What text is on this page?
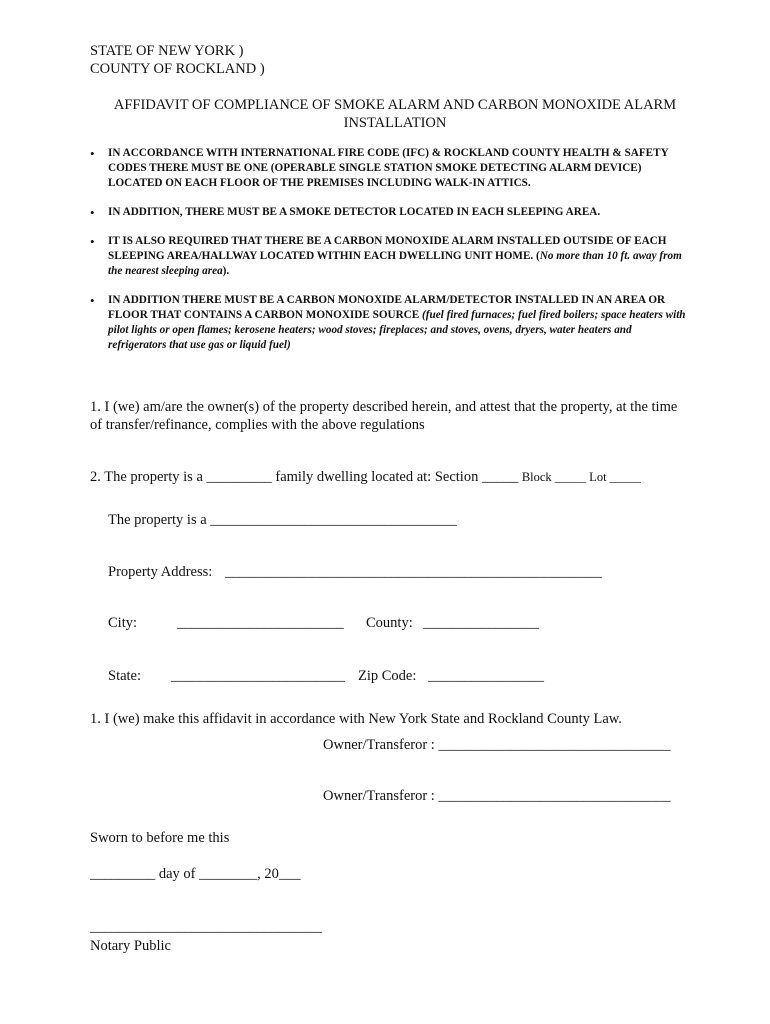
STATE OF NEW YORK )
COUNTY OF ROCKLAND )
AFFIDAVIT OF COMPLIANCE OF SMOKE ALARM AND CARBON MONOXIDE ALARM INSTALLATION
• IN ACCORDANCE WITH INTERNATIONAL FIRE CODE (IFC) & ROCKLAND COUNTY HEALTH & SAFETY CODES THERE MUST BE ONE (OPERABLE SINGLE STATION SMOKE DETECTING ALARM DEVICE) LOCATED ON EACH FLOOR OF THE PREMISES INCLUDING WALK-IN ATTICS.
• IN ADDITION, THERE MUST BE A SMOKE DETECTOR LOCATED IN EACH SLEEPING AREA.
• IT IS ALSO REQUIRED THAT THERE BE A CARBON MONOXIDE ALARM INSTALLED OUTSIDE OF EACH SLEEPING AREA/HALLWAY LOCATED WITHIN EACH DWELLING UNIT HOME. (No more than 10 ft. away from the nearest sleeping area).
• IN ADDITION THERE MUST BE A CARBON MONOXIDE ALARM/DETECTOR INSTALLED IN AN AREA OR FLOOR THAT CONTAINS A CARBON MONOXIDE SOURCE (fuel fired furnaces; fuel fired boilers; space heaters with pilot lights or open flames; kerosene heaters; wood stoves; fireplaces; and stoves, ovens, dryers, water heaters and refrigerators that use gas or liquid fuel)
1. I (we) am/are the owner(s) of the property described herein, and attest that the property, at the time of transfer/refinance, complies with the above regulations
2. The property is a _________ family dwelling located at: Section _____ Block _____ Lot _____
The property is a __________________________________
Property Address: ____________________________________________________
City:	_______________________ County: ________________
State: ________________________ Zip Code: ________________
1. I (we) make this affidavit in accordance with New York State and Rockland County Law.
Owner/Transferor : ________________________________
Owner/Transferor : ________________________________
Sworn to before me this
_________ day of ________, 20___
________________________________
Notary Public
